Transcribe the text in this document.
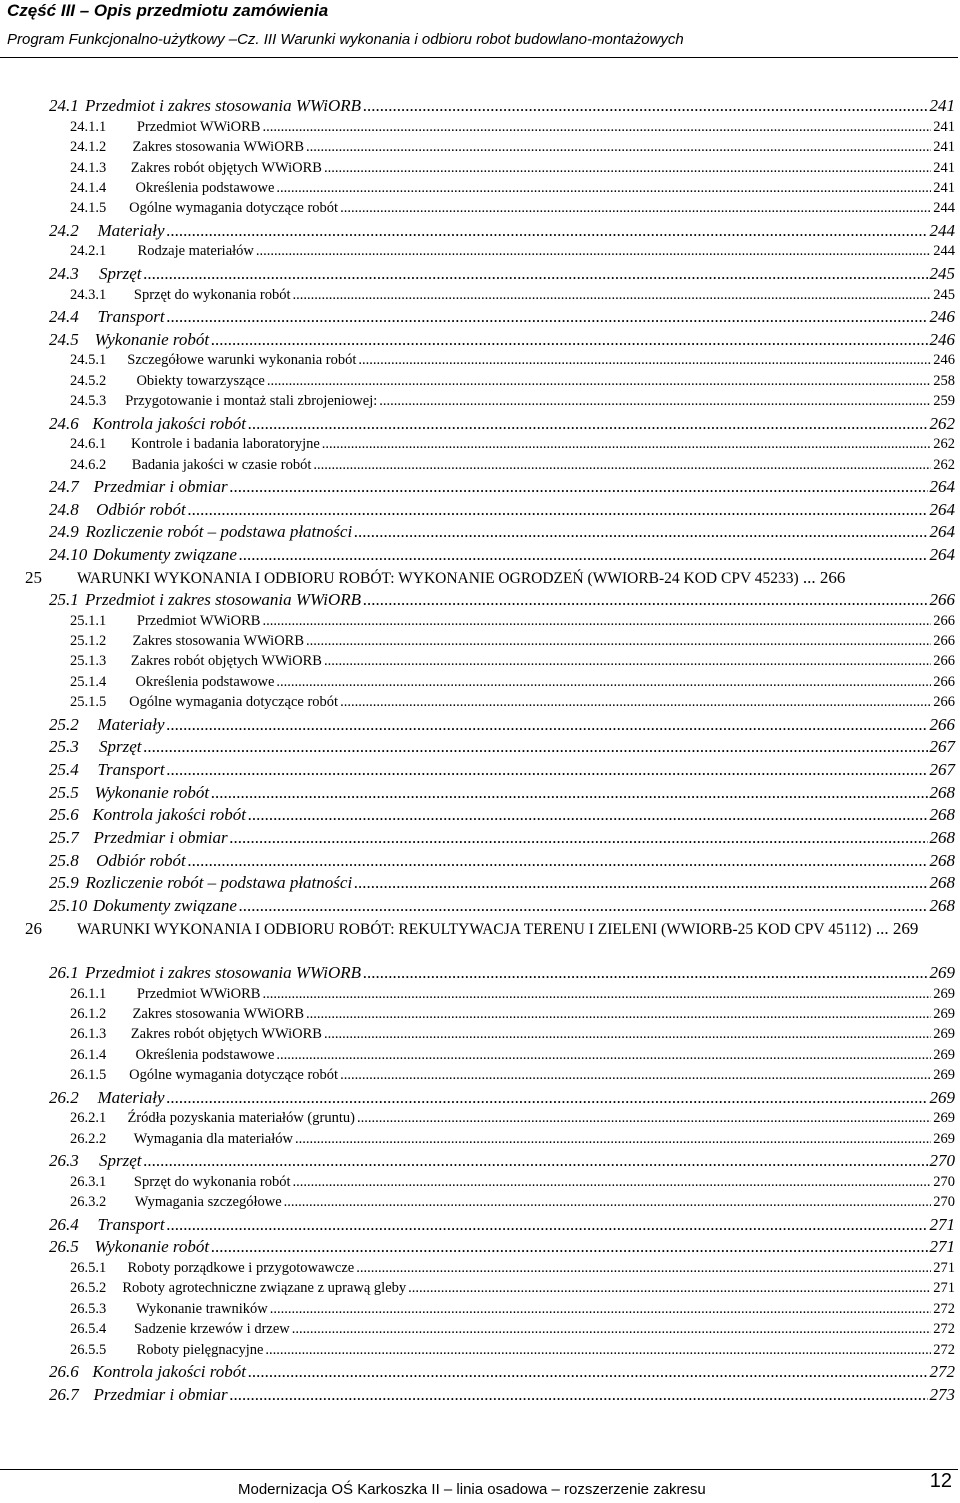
Część III – Opis przedmiotu zamówienia
Program Funkcjonalno-użytkowy –Cz. III Warunki wykonania i odbioru robot budowlano-montażowych
24.1 Przedmiot i zakres stosowania WWiORB .....	241
24.1.1	Przedmiot WWiORB .....	241
24.1.2	Zakres stosowania WWiORB .....	241
24.1.3	Zakres robót objętych WWiORB .....	241
24.1.4	Określenia podstawowe .....	241
24.1.5	Ogólne wymagania dotyczące robót .....	244
24.2	Materiały .....	244
24.2.1	Rodzaje materiałów .....	244
24.3	Sprzęt .....	245
24.3.1	Sprzęt do wykonania robót .....	245
24.4	Transport .....	246
24.5 Wykonanie robót .....	246
24.5.1	Szczegółowe warunki wykonania robót .....	246
24.5.2	Obiekty towarzyszące .....	258
24.5.3	Przygotowanie i montaż stali zbrojeniowej: .....	259
24.6 Kontrola jakości robót .....	262
24.6.1	Kontrole i badania laboratoryjne .....	262
24.6.2	Badania jakości w czasie robót .....	262
24.7 Przedmiar i obmiar .....	264
24.8	Odbiór robót .....	264
24.9 Rozliczenie robót – podstawa płatności .....	264
24.10 Dokumenty związane .....	264
25 WARUNKI WYKONANIA I ODBIORU ROBÓT: WYKONANIE OGRODZEŃ (WWIORB-24 KOD CPV 45233) ... 266
25.1 Przedmiot i zakres stosowania WWiORB .....	266
25.1.1	Przedmiot WWiORB .....	266
25.1.2	Zakres stosowania WWiORB .....	266
25.1.3	Zakres robót objętych WWiORB .....	266
25.1.4	Określenia podstawowe .....	266
25.1.5	Ogólne wymagania dotyczące robót .....	266
25.2	Materiały .....	266
25.3	Sprzęt .....	267
25.4	Transport .....	267
25.5 Wykonanie robót .....	268
25.6 Kontrola jakości robót .....	268
25.7 Przedmiar i obmiar .....	268
25.8	Odbiór robót .....	268
25.9 Rozliczenie robót – podstawa płatności .....	268
25.10 Dokumenty związane .....	268
26 WARUNKI WYKONANIA I ODBIORU ROBÓT: REKULTYWACJA TERENU I ZIELENI (WWIORB-25 KOD CPV 45112) ... 269
26.1 Przedmiot i zakres stosowania WWiORB .....	269
26.1.1	Przedmiot WWiORB .....	269
26.1.2	Zakres stosowania WWiORB .....	269
26.1.3	Zakres robót objętych WWiORB .....	269
26.1.4	Określenia podstawowe .....	269
26.1.5	Ogólne wymagania dotyczące robót .....	269
26.2	Materiały .....	269
26.2.1	Źródła pozyskania materiałów (gruntu) .....	269
26.2.2	Wymagania dla materiałów .....	269
26.3	Sprzęt .....	270
26.3.1	Sprzęt do wykonania robót .....	270
26.3.2	Wymagania szczegółowe .....	270
26.4	Transport .....	271
26.5 Wykonanie robót .....	271
26.5.1	Roboty porządkowe i przygotowawcze .....	271
26.5.2	Roboty agrotechniczne związane z uprawą gleby .....	271
26.5.3	Wykonanie trawników .....	272
26.5.4	Sadzenie krzewów i drzew .....	272
26.5.5	Roboty pielęgnacyjne .....	272
26.6 Kontrola jakości robót .....	272
26.7 Przedmiar i obmiar .....	273
Modernizacja OŚ Karkoszka II – linia osadowa – rozszerzenie zakresu	12
